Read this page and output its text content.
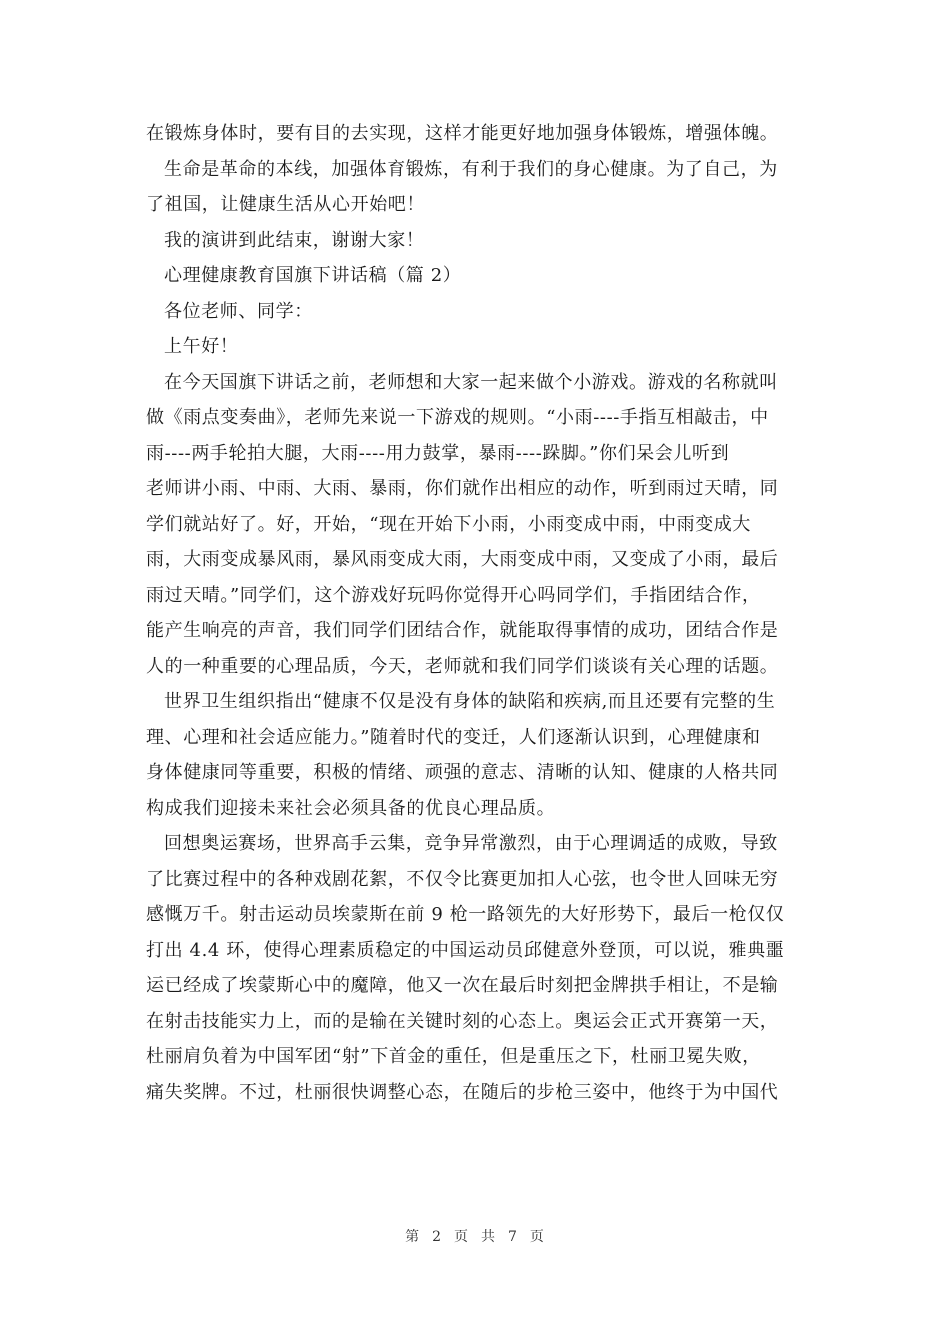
在锻炼身体时，要有目的去实现，这样才能更好地加强身体锻炼，增强体魄。
生命是革命的本线，加强体育锻炼，有利于我们的身心健康。为了自己，为
了祖国，让健康生活从心开始吧！
我的演讲到此结束，谢谢大家！
心理健康教育国旗下讲话稿（篇 2）
各位老师、同学：
上午好！
在今天国旗下讲话之前，老师想和大家一起来做个小游戏。游戏的名称就叫
做《雨点变奏曲》，老师先来说一下游戏的规则。“小雨----手指互相敲击，中
雨----两手轮拍大腿，大雨----用力鼓掌，暴雨----跺脚。”你们呆会儿听到
老师讲小雨、中雨、大雨、暴雨，你们就作出相应的动作，听到雨过天晴，同
学们就站好了。好，开始，“现在开始下小雨，小雨变成中雨，中雨变成大
雨，大雨变成暴风雨，暴风雨变成大雨，大雨变成中雨，又变成了小雨，最后
雨过天晴。”同学们，这个游戏好玩吗你觉得开心吗同学们，手指团结合作，
能产生响亮的声音，我们同学们团结合作，就能取得事情的成功，团结合作是
人的一种重要的心理品质，今天，老师就和我们同学们谈谈有关心理的话题。
世界卫生组织指出“健康不仅是没有身体的缺陷和疾病,而且还要有完整的生
理、心理和社会适应能力。”随着时代的变迁，人们逐渐认识到，心理健康和
身体健康同等重要，积极的情绪、顽强的意志、清晰的认知、健康的人格共同
构成我们迎接未来社会必须具备的优良心理品质。
回想奥运赛场，世界高手云集，竞争异常激烈，由于心理调适的成败，导致
了比赛过程中的各种戏剧花絮，不仅令比赛更加扣人心弦，也令世人回味无穷
感慨万千。射击运动员埃蒙斯在前 9 枪一路领先的大好形势下，最后一枪仅仅
打出 4.4 环，使得心理素质稳定的中国运动员邱健意外登顶，可以说，雅典噩
运已经成了埃蒙斯心中的魔障，他又一次在最后时刻把金牌拱手相让，不是输
在射击技能实力上，而的是输在关键时刻的心态上。奥运会正式开赛第一天，
杜丽肩负着为中国军团“射”下首金的重任，但是重压之下，杜丽卫冕失败，
痛失奖牌。不过，杜丽很快调整心态，在随后的步枪三姿中，他终于为中国代
第 2 页 共 7 页
